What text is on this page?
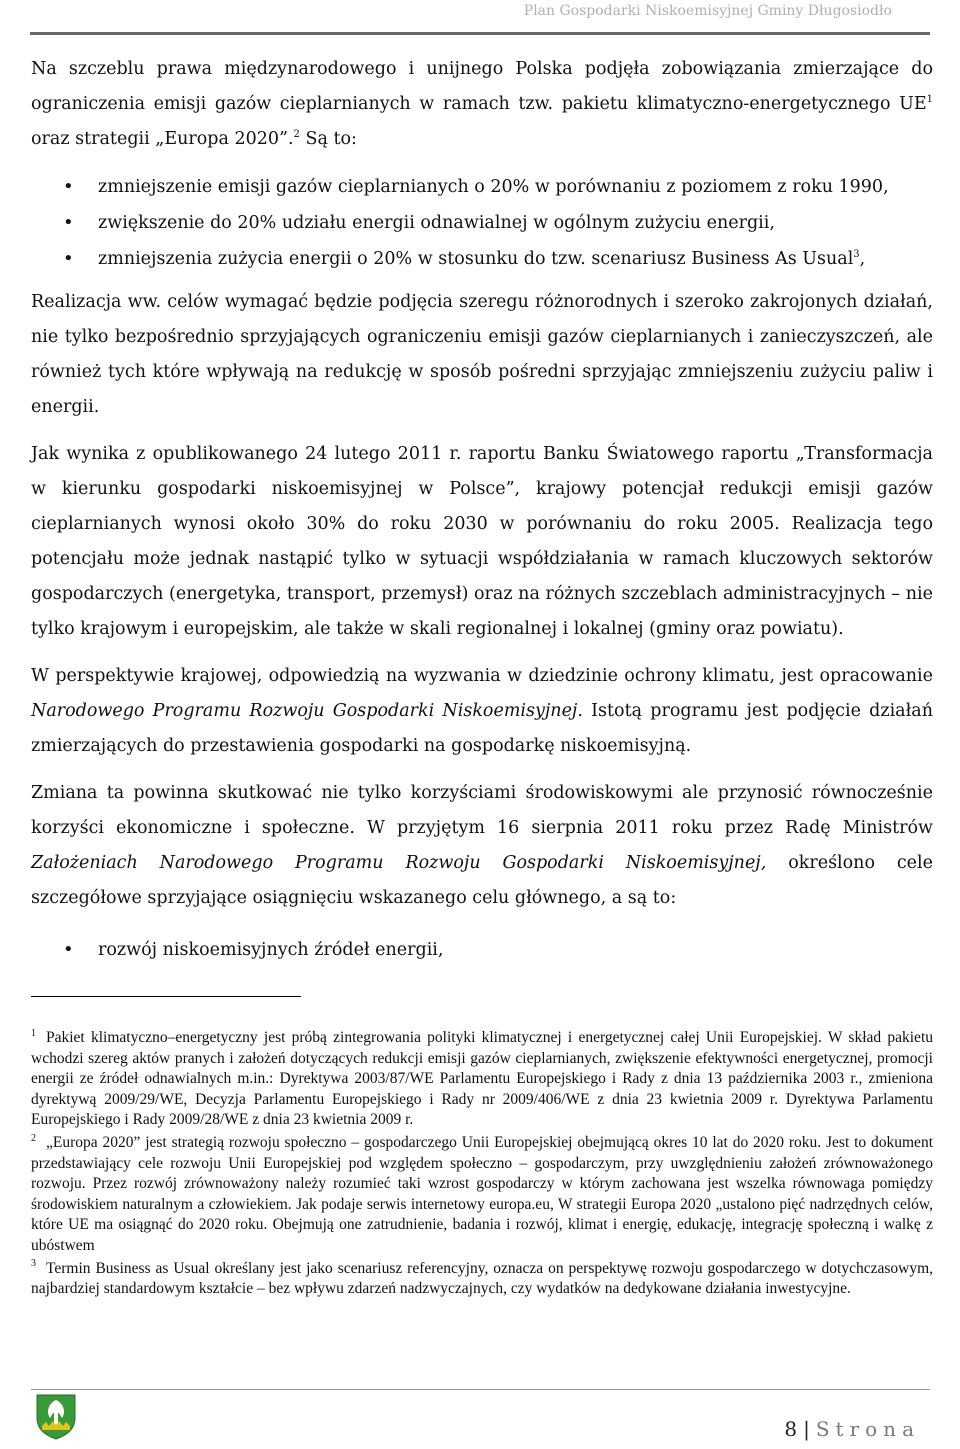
Plan Gospodarki Niskoemisyjnej Gminy Długosiodło

Na szczeblu prawa międzynarodowego i unijnego Polska podjęła zobowiązania zmierzające do ograniczenia emisji gazów cieplarnianych w ramach tzw. pakietu klimatyczno-energetycznego $UE^1$ oraz strategii „Europa 2020”.$^2$ Są to:

• zmniejszenie emisji gazów cieplarnianych o 20% w porównaniu z poziomem z roku 1990,
• zwiększenie do 20% udziału energii odnawialnej w ogólnym zużyciu energii,
• zmniejszenia zużycia energii o 20% w stosunku do tzw. scenariusz Business As Usual$^3$,

Realizacja ww. celów wymagać będzie podjęcia szeregu różnorodnych i szeroko zakrojonych działań, nie tylko bezpośrednio sprzyjających ograniczeniu emisji gazów cieplarnianych i zanieczyszczeń, ale również tych które wpływają na redukcję w sposób pośredni sprzyjając zmniejszeniu zużyciu paliw i energii.

Jak wynika z opublikowanego 24 lutego 2011 r. raportu Banku Światowego raportu „Transformacja w kierunku gospodarki niskoemisyjnej w Polsce”, krajowy potencjał redukcji emisji gazów cieplarnianych wynosi około 30% do roku 2030 w porównaniu do roku 2005. Realizacja tego potencjału może jednak nastąpić tylko w sytuacji współdziałania w ramach kluczowych sektorów gospodarczych (energetyka, transport, przemysł) oraz na różnych szczeblach administracyjnych – nie tylko krajowym i europejskim, ale także w skali regionalnej i lokalnej (gminy oraz powiatu).

W perspektywie krajowej, odpowiedzią na wyzwania w dziedzinie ochrony klimatu, jest opracowanie Narodowego Programu Rozwoju Gospodarki Niskoemisyjnej. Istotą programu jest podjęcie działań zmierzających do przestawienia gospodarki na gospodarkę niskoemisyjną.

Zmiana ta powinna skutkować nie tylko korzyściami środowiskowymi ale przynosić równocześnie korzyści ekonomiczne i społeczne. W przyjętym 16 sierpnia 2011 roku przez Radę Ministrów Założeniach Narodowego Programu Rozwoju Gospodarki Niskoemisyjnej, określono cele szczegółowe sprzyjające osiągnięciu wskazanego celu głównego, a są to:

• rozwój niskoemisyjnych źródeł energii,

$^1$ Pakiet klimatyczno–energetyczny jest próbą zintegrowania polityki klimatycznej i energetycznej całej Unii Europejskiej. W skład pakietu wchodzi szereg aktów pranych i założeń dotyczących redukcji emisji gazów cieplarnianych, zwiększenie efektywności energetycznej, promocji energii ze źródeł odnawialnych m.in.: Dyrektywa 2003/87/WE Parlamentu Europejskiego i Rady z dnia 13 października 2003 r., zmieniona dyrektywą 2009/29/WE, Decyzja Parlamentu Europejskiego i Rady nr 2009/406/WE z dnia 23 kwietnia 2009 r. Dyrektywa Parlamentu Europejskiego i Rady 2009/28/WE z dnia 23 kwietnia 2009 r.

$^2$ „Europa 2020” jest strategią rozwoju społeczno – gospodarczego Unii Europejskiej obejmującą okres 10 lat do 2020 roku. Jest to dokument przedstawiający cele rozwoju Unii Europejskiej pod względem społeczno – gospodarczym, przy uwzględnieniu założeń zrównoważonego rozwoju. Przez rozwój zrównoważony należy rozumieć taki wzrost gospodarczy w którym zachowana jest wszelka równowaga pomiędzy środowiskiem naturalnym a człowiekiem. Jak podaje serwis internetowy europa.eu, W strategii Europa 2020 „ustalono pięć nadrzędnych celów, które UE ma osiągnąć do 2020 roku. Obejmują one zatrudnienie, badania i rozwój, klimat i energię, edukację, integrację społeczną i walkę z ubóstwem

$^3$ Termin Business as Usual określany jest jako scenariusz referencyjny, oznacza on perspektywę rozwoju gospodarczego w dotychczasowym, najbardziej standardowym kształcie – bez wpływu zdarzeń nadzwyczajnych, czy wydatków na dedykowane działania inwestycyjne.

8 | Strona
